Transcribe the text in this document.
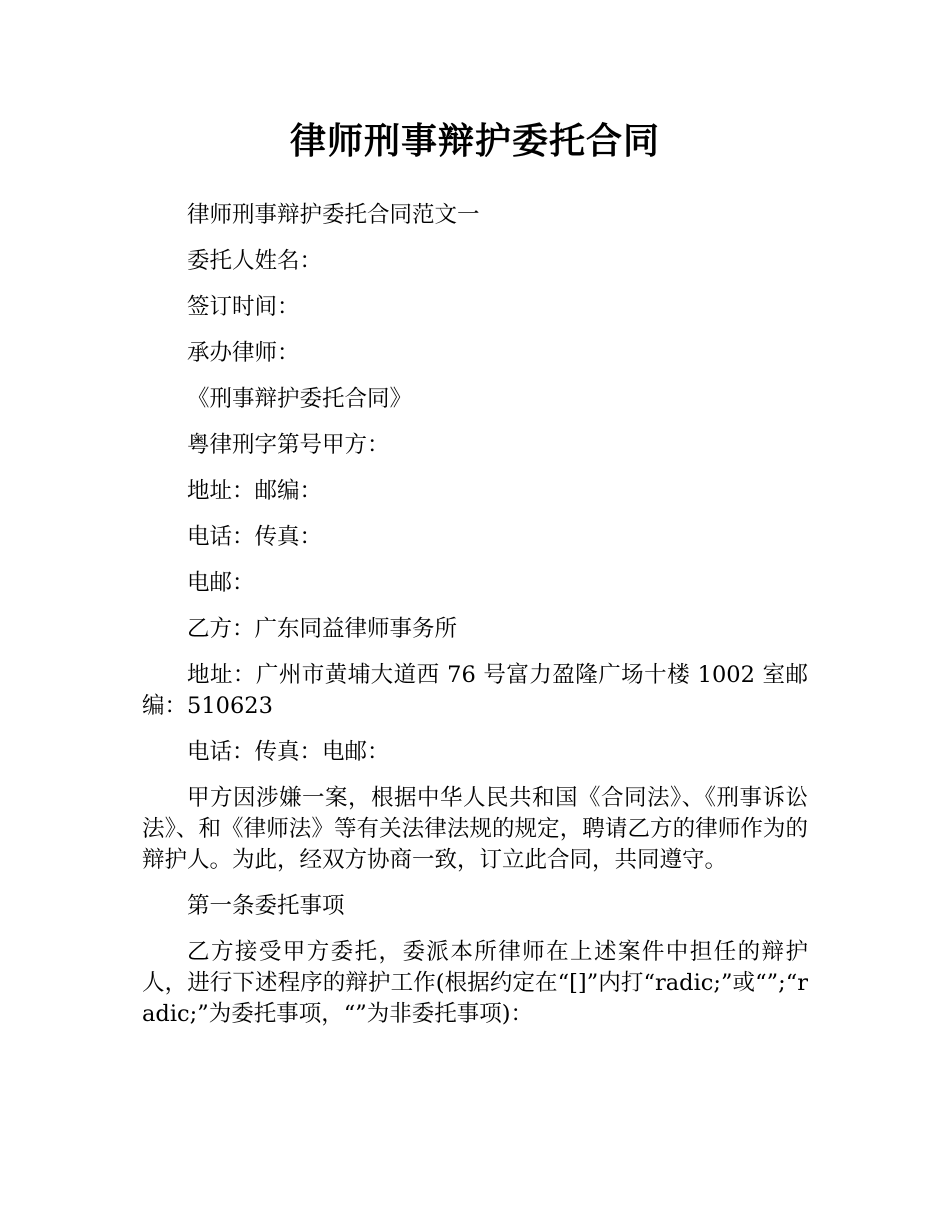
律师刑事辩护委托合同

律师刑事辩护委托合同范文一

委托人姓名：

签订时间：

承办律师：

《刑事辩护委托合同》

粤律刑字第号甲方：

地址：邮编：

电话：传真：

电邮：

乙方：广东同益律师事务所

地址：广州市黄埔大道西 76 号富力盈隆广场十楼 1002 室邮编：510623

电话：传真：电邮：

甲方因涉嫌一案，根据中华人民共和国《合同法》、《刑事诉讼法》、和《律师法》等有关法律法规的规定，聘请乙方的律师作为的辩护人。为此，经双方协商一致，订立此合同，共同遵守。

第一条委托事项

乙方接受甲方委托，委派本所律师在上述案件中担任的辩护人，进行下述程序的辩护工作(根据约定在“[]”内打“radic;”或“”;“radic;”为委托事项，“”为非委托事项)：
